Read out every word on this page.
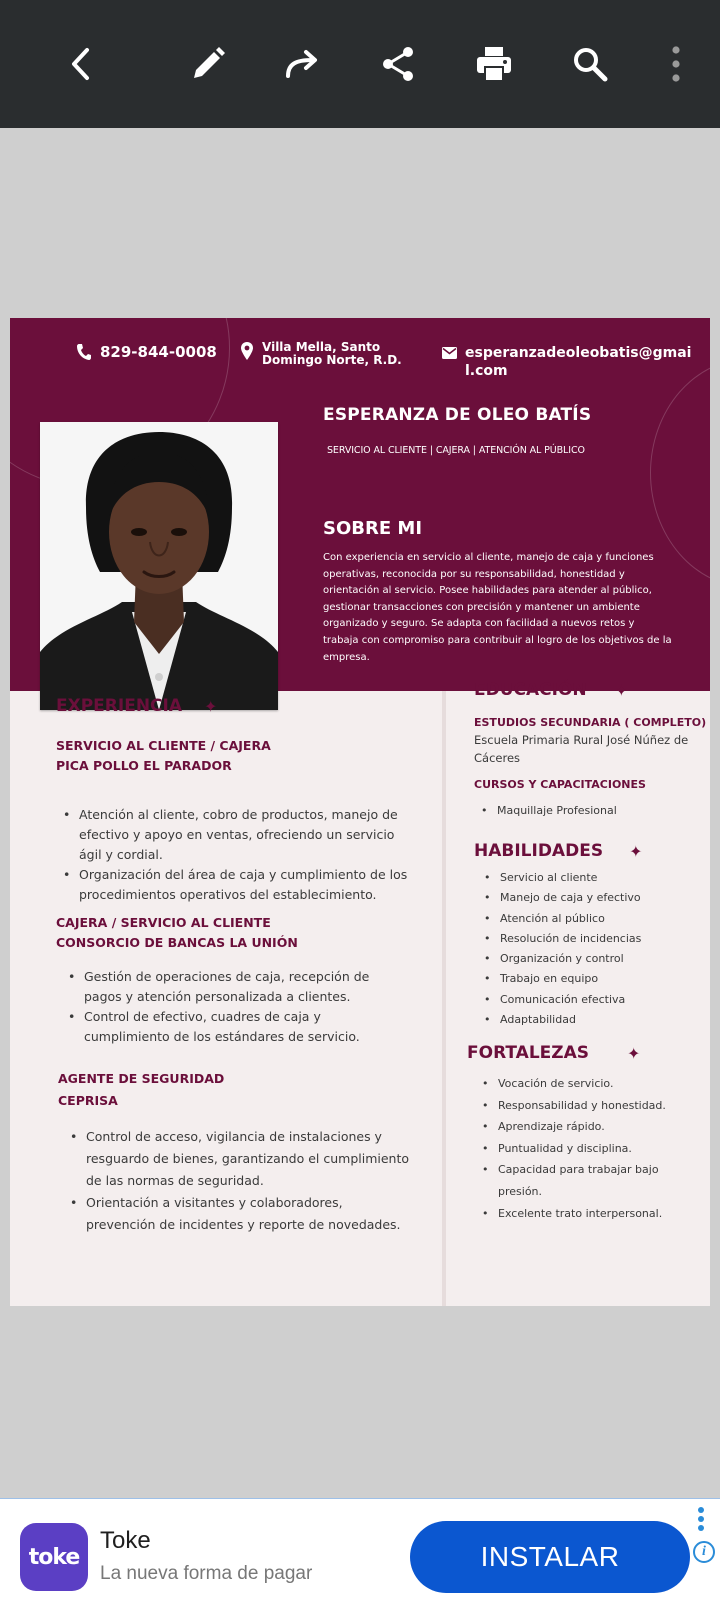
829-844-0008	Villa Mella, Santo
Domingo Norte, R.D.	esperanzadeoleobatis@gmail.com
ESPERANZA DE OLEO BATÍS
SERVICIO AL CLIENTE | CAJERA | ATENCIÓN AL PÚBLICO
SOBRE MI
Con experiencia en servicio al cliente, manejo de caja y funciones operativas, reconocida por su responsabilidad, honestidad y orientación al servicio. Posee habilidades para atender al público, gestionar transacciones con precisión y mantener un ambiente organizado y seguro. Se adapta con facilidad a nuevos retos y trabaja con compromiso para contribuir al logro de los objetivos de la empresa.
EXPERIENCIA ✦
SERVICIO AL CLIENTE / CAJERA
PICA POLLO EL PARADOR
• Atención al cliente, cobro de productos, manejo de efectivo y apoyo en ventas, ofreciendo un servicio ágil y cordial.
• Organización del área de caja y cumplimiento de los procedimientos operativos del establecimiento.
CAJERA / SERVICIO AL CLIENTE
CONSORCIO DE BANCAS LA UNIÓN
• Gestión de operaciones de caja, recepción de pagos y atención personalizada a clientes.
• Control de efectivo, cuadres de caja y cumplimiento de los estándares de servicio.
AGENTE DE SEGURIDAD
CEPRISA
• Control de acceso, vigilancia de instalaciones y resguardo de bienes, garantizando el cumplimiento de las normas de seguridad.
• Orientación a visitantes y colaboradores, prevención de incidentes y reporte de novedades.
EDUCACIÓN ✦
ESTUDIOS SECUNDARIA ( COMPLETO)
Escuela Primaria Rural José Núñez de Cáceres
CURSOS Y CAPACITACIONES
• Maquillaje Profesional
HABILIDADES ✦
• Servicio al cliente
• Manejo de caja y efectivo
• Atención al público
• Resolución de incidencias
• Organización y control
• Trabajo en equipo
• Comunicación efectiva
• Adaptabilidad
FORTALEZAS ✦
• Vocación de servicio.
• Responsabilidad y honestidad.
• Aprendizaje rápido.
• Puntualidad y disciplina.
• Capacidad para trabajar bajo presión.
• Excelente trato interpersonal.
toke
Toke
La nueva forma de pagar
INSTALAR	i
